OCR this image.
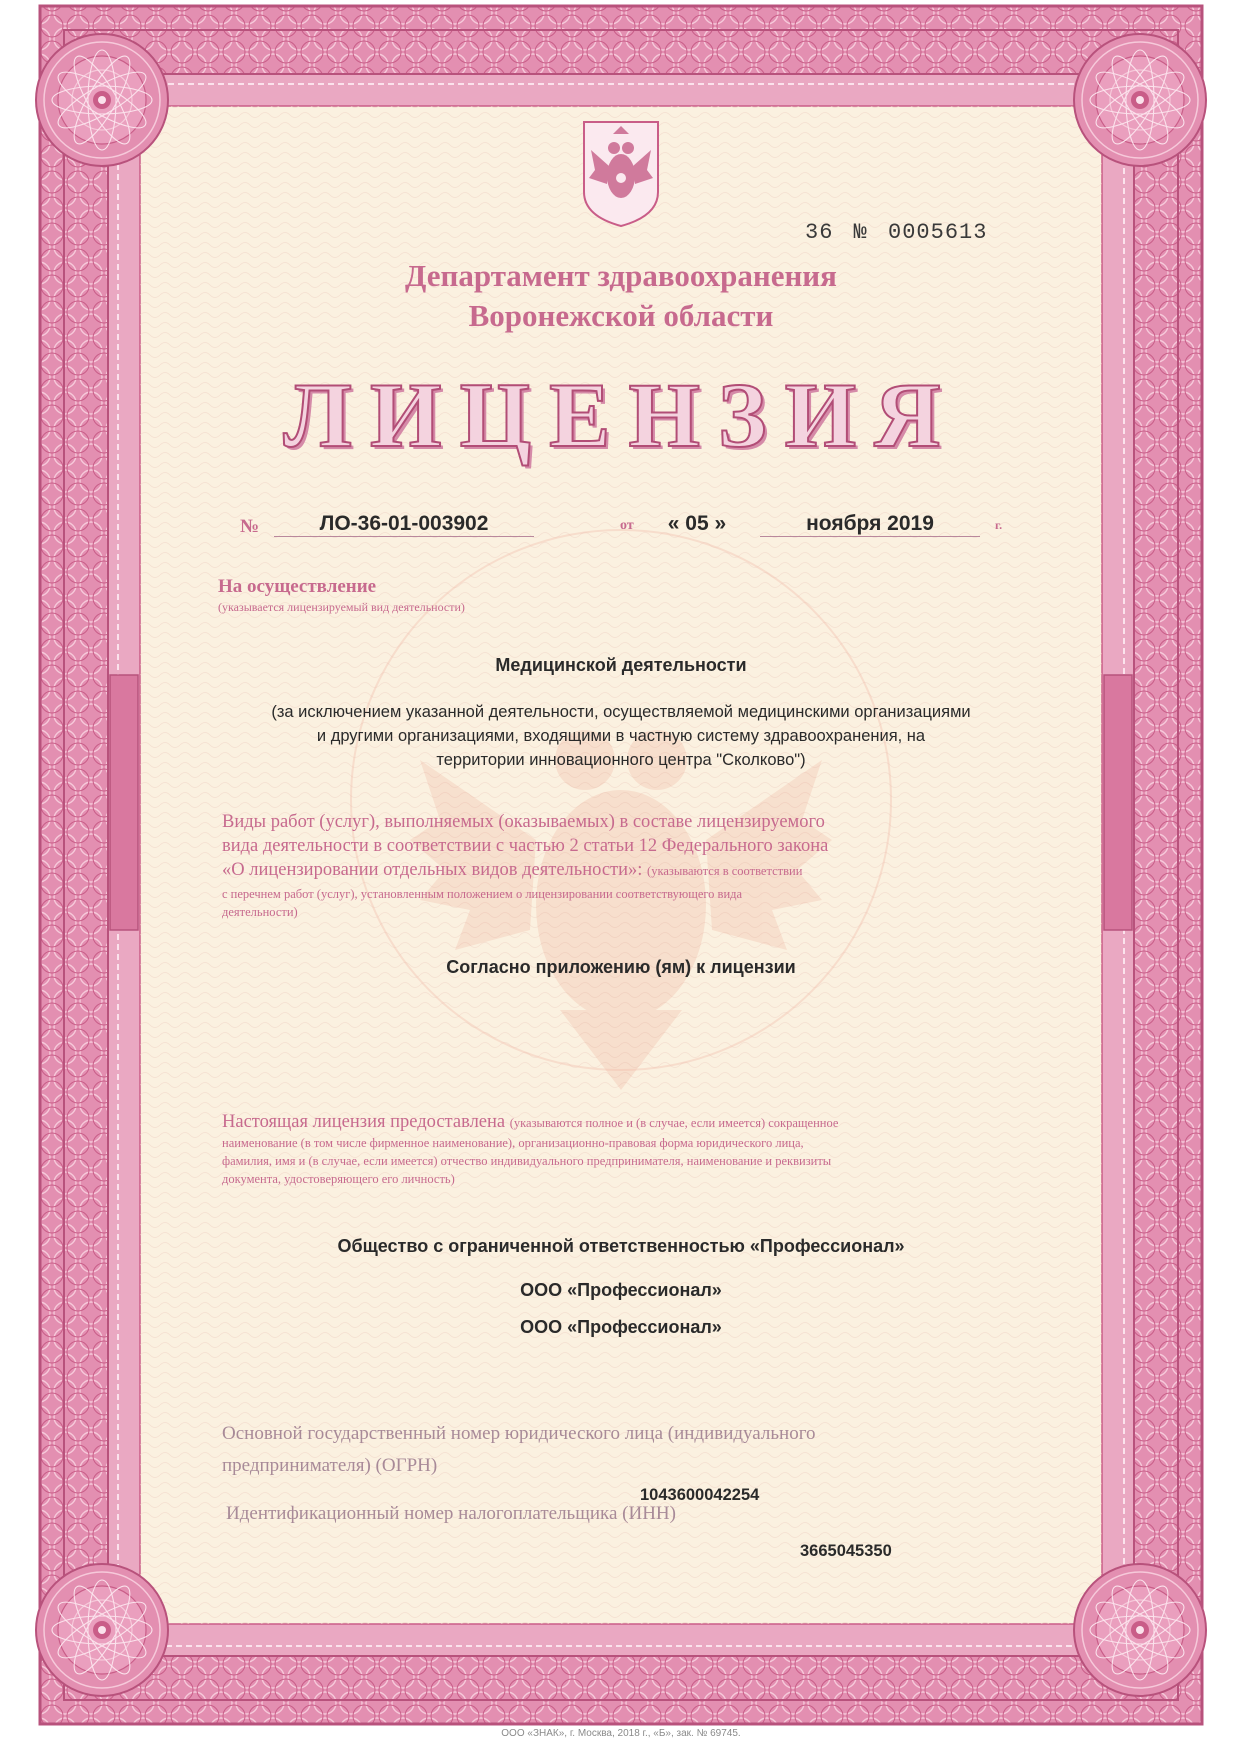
36 № 0005613

Департамент здравоохранения

Воронежской области

ЛИЦЕНЗИЯ

№	ЛО-36-01-003902	от	« 05 »	ноября 2019	г.

На осуществление

(указывается лицензируемый вид деятельности)

Медицинской деятельности

(за исключением указанной деятельности, осуществляемой медицинскими организациями

и другими организациями, входящими в частную систему здравоохранения, на

территории инновационного центра "Сколково")

Виды работ (услуг), выполняемых (оказываемых) в составе лицензируемого

вида деятельности в соответствии с частью 2 статьи 12 Федерального закона

«О лицензировании отдельных видов деятельности»: (указываются в соответствии

с перечнем работ (услуг), установленным положением о лицензировании соответствующего вида

деятельности)

Согласно приложению (ям) к лицензии

Настоящая лицензия предоставлена (указываются полное и (в случае, если имеется) сокращенное

наименование (в том числе фирменное наименование), организационно-правовая форма юридического лица,

фамилия, имя и (в случае, если имеется) отчество индивидуального предпринимателя, наименование и реквизиты

документа, удостоверяющего его личность)

Общество с ограниченной ответственностью «Профессионал»

ООО «Профессионал»

ООО «Профессионал»

Основной государственный номер юридического лица (индивидуального

предпринимателя) (ОГРН)

1043600042254

Идентификационный номер налогоплательщика (ИНН)

3665045350

ООО «ЗНАК», г. Москва, 2018 г., «Б», зак. № 69745.
